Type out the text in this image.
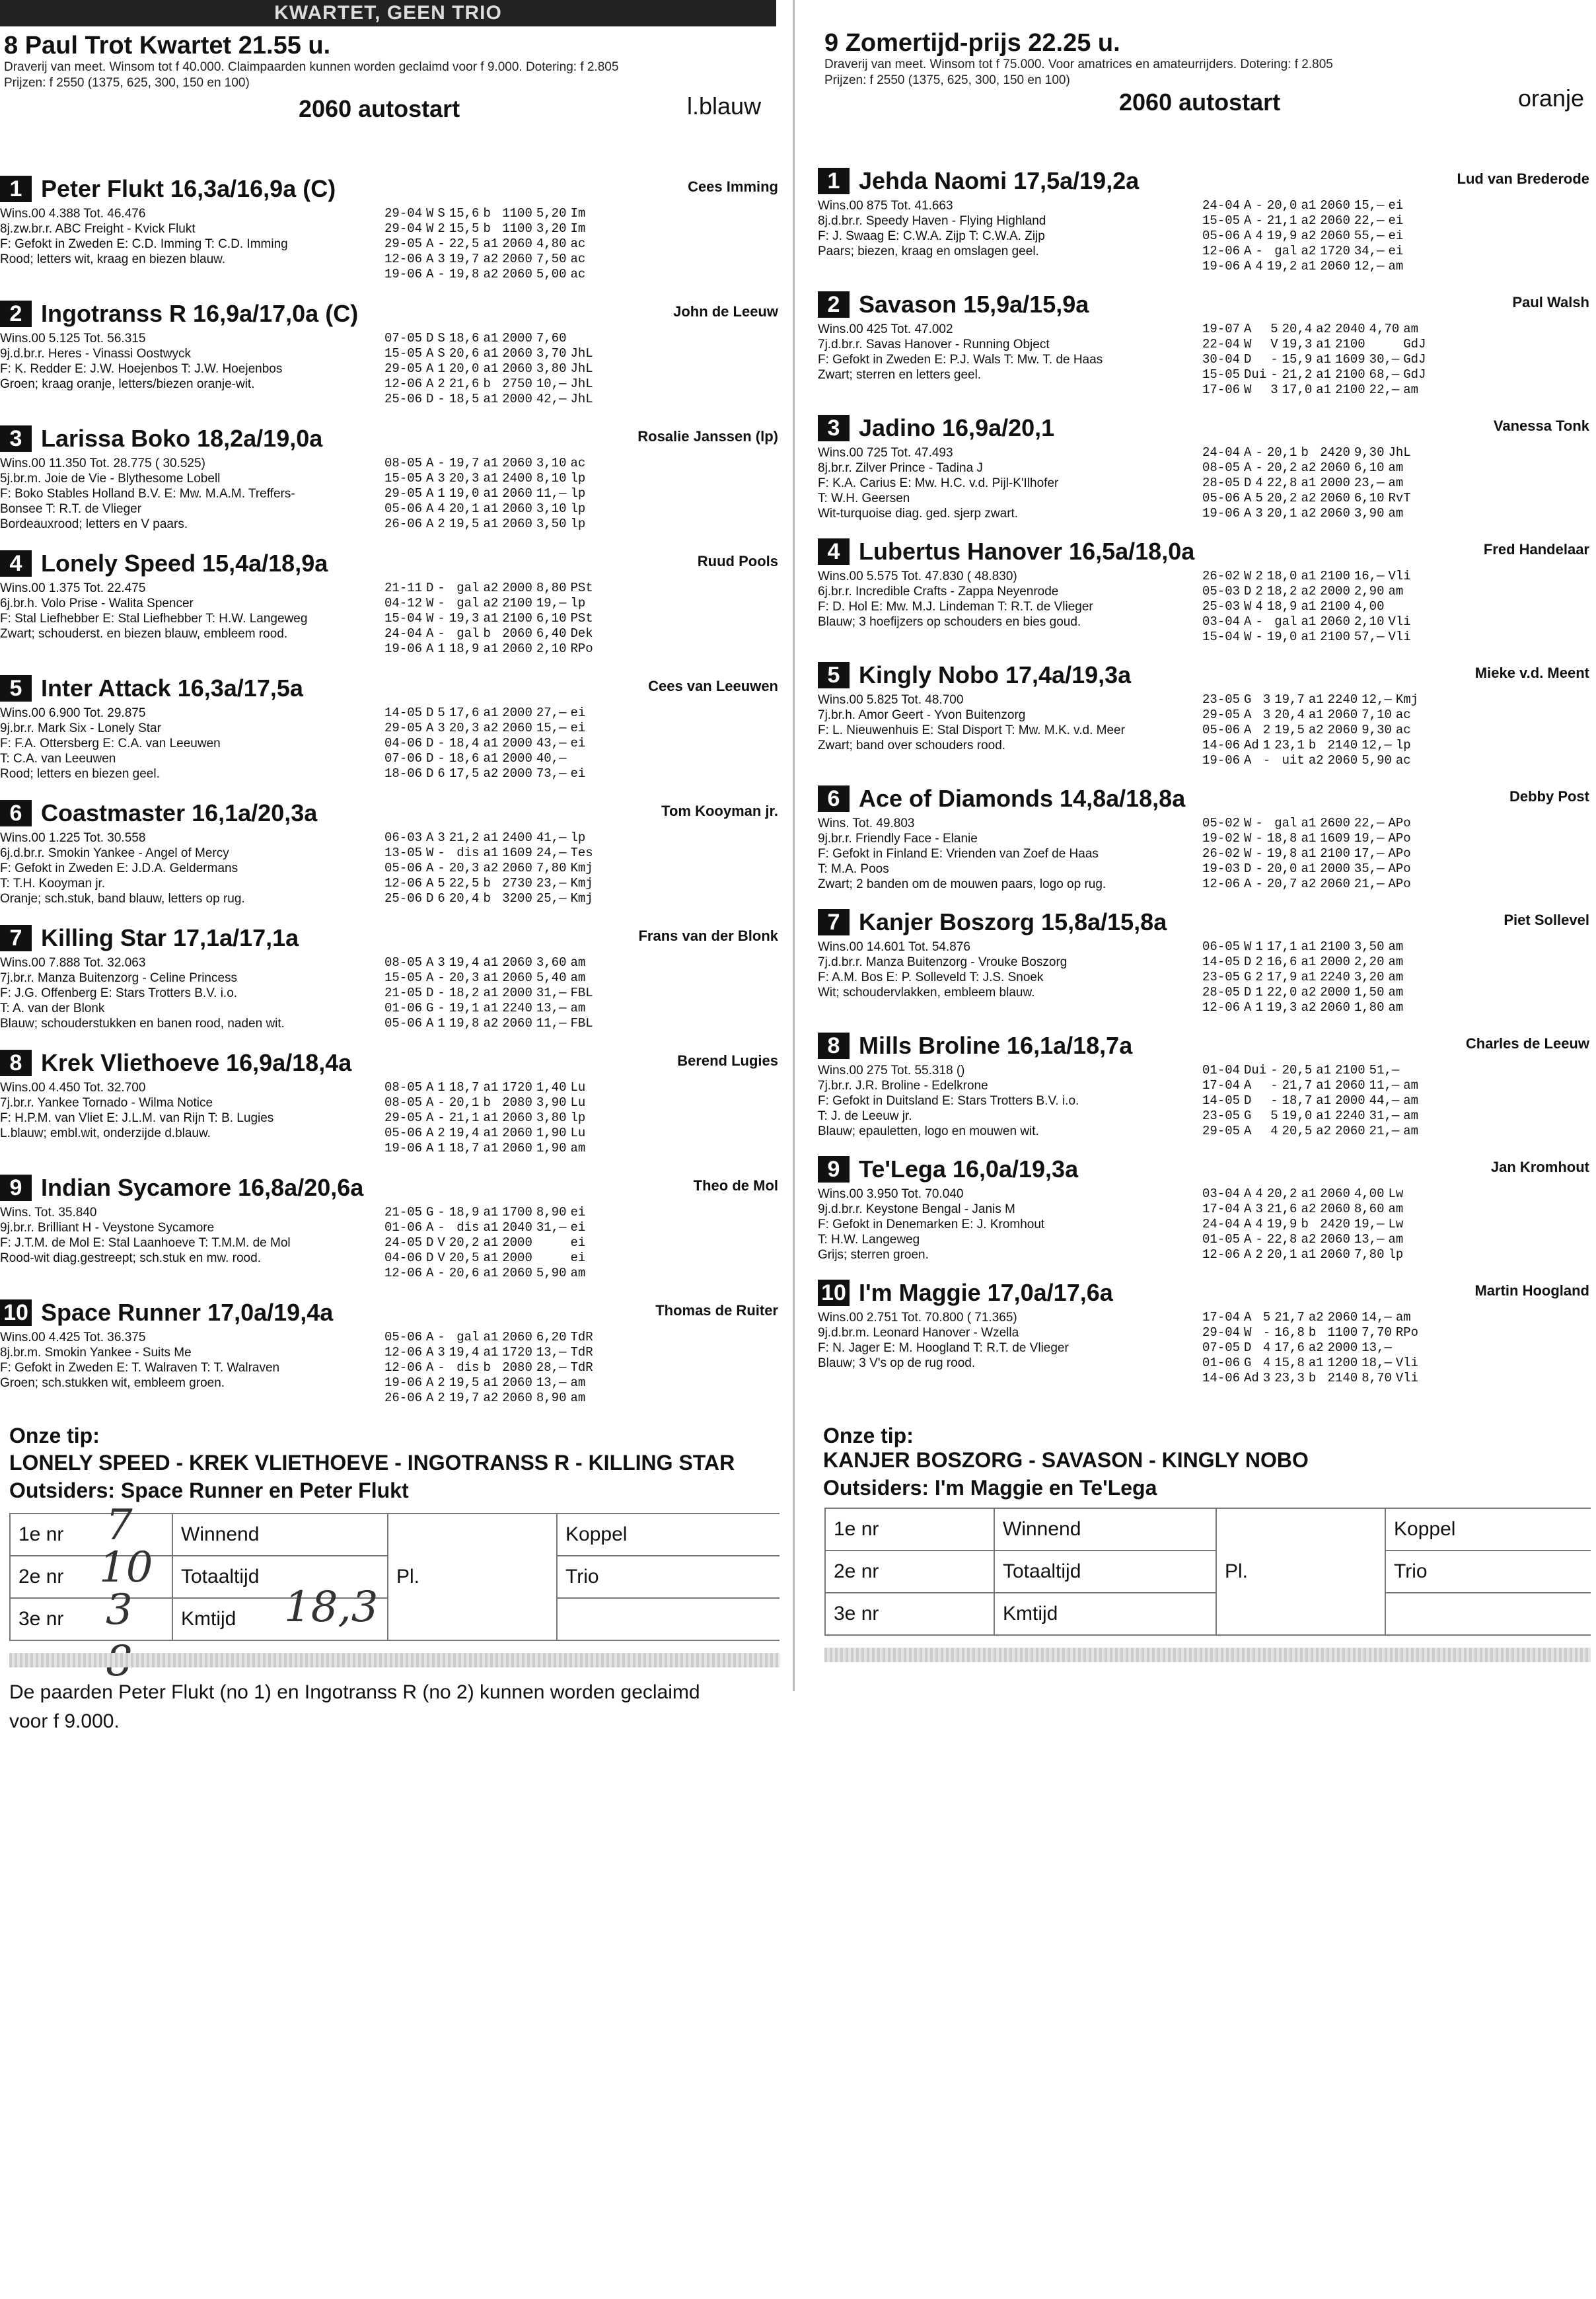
KWARTET, GEEN TRIO
8 Paul Trot Kwartet 21.55 u.
Draverij van meet. Winsom tot f 40.000. Claimpaarden kunnen worden geclaimd voor f 9.000. Dotering: f 2.805
Prijzen: f 2550 (1375, 625, 300, 150 en 100)
2060 autostart	l.blauw
1 Peter Flukt 16,3a/16,9a (C)	Cees Imming
Wins.00 4.388 Tot. 46.476
8j.zw.br.r. ABC Freight - Kvick Flukt
F: Gefokt in Zweden E: C.D. Imming T: C.D. Imming
Rood; letters wit, kraag en biezen blauw.
29-04	W	S	15,6	b	1100	5,20	Im
29-04	W	2	15,5	b	1100	3,20	Im
29-05	A	-	22,5	a1	2060	4,80	ac
12-06	A	3	19,7	a2	2060	7,50	ac
19-06	A	-	19,8	a2	2060	5,00	ac
2 Ingotranss R 16,9a/17,0a (C)	John de Leeuw
Wins.00 5.125 Tot. 56.315
9j.d.br.r. Heres - Vinassi Oostwyck
F: K. Redder E: J.W. Hoejenbos T: J.W. Hoejenbos
Groen; kraag oranje, letters/biezen oranje-wit.
07-05	D	S	18,6	a1	2000	7,60	
15-05	A	S	20,6	a1	2060	3,70	JhL
29-05	A	1	20,0	a1	2060	3,80	JhL
12-06	A	2	21,6	b	2750	10,—	JhL
25-06	D	-	18,5	a1	2000	42,—	JhL
3 Larissa Boko 18,2a/19,0a	Rosalie Janssen (lp)
Wins.00 11.350 Tot. 28.775 ( 30.525)
5j.br.m. Joie de Vie - Blythesome Lobell
F: Boko Stables Holland B.V. E: Mw. M.A.M. Treffers-
Bonsee T: R.T. de Vlieger
Bordeauxrood; letters en V paars.
08-05	A	-	19,7	a1	2060	3,10	ac
15-05	A	3	20,3	a1	2400	8,10	lp
29-05	A	1	19,0	a1	2060	11,—	lp
05-06	A	4	20,1	a1	2060	3,10	lp
26-06	A	2	19,5	a1	2060	3,50	lp
4 Lonely Speed 15,4a/18,9a	Ruud Pools
Wins.00 1.375 Tot. 22.475
6j.br.h. Volo Prise - Walita Spencer
F: Stal Liefhebber E: Stal Liefhebber T: H.W. Langeweg
Zwart; schouderst. en biezen blauw, embleem rood.
21-11	D	-	gal	a2	2000	8,80	PSt
04-12	W	-	gal	a2	2100	19,—	lp
15-04	W	-	19,3	a1	2100	6,10	PSt
24-04	A	-	gal	b	2060	6,40	Dek
19-06	A	1	18,9	a1	2060	2,10	RPo
5 Inter Attack 16,3a/17,5a	Cees van Leeuwen
Wins.00 6.900 Tot. 29.875
9j.br.r. Mark Six - Lonely Star
F: F.A. Ottersberg E: C.A. van Leeuwen
T: C.A. van Leeuwen
Rood; letters en biezen geel.
14-05	D	5	17,6	a1	2000	27,—	ei
29-05	A	3	20,3	a2	2060	15,—	ei
04-06	D	-	18,4	a1	2000	43,—	ei
07-06	D	-	18,6	a1	2000	40,—	
18-06	D	6	17,5	a2	2000	73,—	ei
6 Coastmaster 16,1a/20,3a	Tom Kooyman jr.
Wins.00 1.225 Tot. 30.558
6j.d.br.r. Smokin Yankee - Angel of Mercy
F: Gefokt in Zweden E: J.D.A. Geldermans
T: T.H. Kooyman jr.
Oranje; sch.stuk, band blauw, letters op rug.
06-03	A	3	21,2	a1	2400	41,—	lp
13-05	W	-	dis	a1	1609	24,—	Tes
05-06	A	-	20,3	a2	2060	7,80	Kmj
12-06	A	5	22,5	b	2730	23,—	Kmj
25-06	D	6	20,4	b	3200	25,—	Kmj
7 Killing Star 17,1a/17,1a	Frans van der Blonk
Wins.00 7.888 Tot. 32.063
7j.br.r. Manza Buitenzorg - Celine Princess
F: J.G. Offenberg E: Stars Trotters B.V. i.o.
T: A. van der Blonk
Blauw; schouderstukken en banen rood, naden wit.
08-05	A	3	19,4	a1	2060	3,60	am
15-05	A	-	20,3	a1	2060	5,40	am
21-05	D	-	18,2	a1	2000	31,—	FBL
01-06	G	-	19,1	a1	2240	13,—	am
05-06	A	1	19,8	a2	2060	11,—	FBL
8 Krek Vliethoeve 16,9a/18,4a	Berend Lugies
Wins.00 4.450 Tot. 32.700
7j.br.r. Yankee Tornado - Wilma Notice
F: H.P.M. van Vliet E: J.L.M. van Rijn T: B. Lugies
L.blauw; embl.wit, onderzijde d.blauw.
08-05	A	1	18,7	a1	1720	1,40	Lu
08-05	A	-	20,1	b	2080	3,90	Lu
29-05	A	-	21,1	a1	2060	3,80	lp
05-06	A	2	19,4	a1	2060	1,90	Lu
19-06	A	1	18,7	a1	2060	1,90	am
9 Indian Sycamore 16,8a/20,6a	Theo de Mol
Wins. Tot. 35.840
9j.br.r. Brilliant H - Veystone Sycamore
F: J.T.M. de Mol E: Stal Laanhoeve T: T.M.M. de Mol
Rood-wit diag.gestreept; sch.stuk en mw. rood.
21-05	G	-	18,9	a1	1700	8,90	ei
01-06	A	-	dis	a1	2040	31,—	ei
24-05	D	V	20,2	a1	2000		ei
04-06	D	V	20,5	a1	2000		ei
12-06	A	-	20,6	a1	2060	5,90	am
10 Space Runner 17,0a/19,4a	Thomas de Ruiter
Wins.00 4.425 Tot. 36.375
8j.br.m. Smokin Yankee - Suits Me
F: Gefokt in Zweden E: T. Walraven T: T. Walraven
Groen; sch.stukken wit, embleem groen.
05-06	A	-	gal	a1	2060	6,20	TdR
12-06	A	3	19,4	a1	1720	13,—	TdR
12-06	A	-	dis	b	2080	28,—	TdR
19-06	A	2	19,5	a1	2060	13,—	am
26-06	A	2	19,7	a2	2060	8,90	am
Onze tip:
LONELY SPEED - KREK VLIETHOEVE - INGOTRANSS R - KILLING STAR
Outsiders: Space Runner en Peter Flukt
1e nr	Winnend	Pl.	Koppel
2e nr	Totaaltijd		Trio
3e nr	Kmtijd		
7
10
3	18,3
De paarden Peter Flukt (no 1) en Ingotranss R (no 2) kunnen worden geclaimd voor f 9.000.
9 Zomertijd-prijs 22.25 u.
Draverij van meet. Winsom tot f 75.000. Voor amatrices en amateurrijders. Dotering: f 2.805
Prijzen: f 2550 (1375, 625, 300, 150 en 100)
2060 autostart	oranje
1 Jehda Naomi 17,5a/19,2a	Lud van Brederode
Wins.00 875 Tot. 41.663
8j.d.br.r. Speedy Haven - Flying Highland
F: J. Swaag E: C.W.A. Zijp T: C.W.A. Zijp
Paars; biezen, kraag en omslagen geel.
24-04	A	-	20,0	a1	2060	15,—	ei
15-05	A	-	21,1	a2	2060	22,—	ei
05-06	A	4	19,9	a2	2060	55,—	ei
12-06	A	-	gal	a2	1720	34,—	ei
19-06	A	4	19,2	a1	2060	12,—	am
2 Savason 15,9a/15,9a	Paul Walsh
Wins.00 425 Tot. 47.002
7j.d.br.r. Savas Hanover - Running Object
F: Gefokt in Zweden E: P.J. Wals T: Mw. T. de Haas
Zwart; sterren en letters geel.
19-07	A	5	20,4	a2	2040	4,70	am
22-04	W	V	19,3	a1	2100		GdJ
30-04	D	-	15,9	a1	1609	30,—	GdJ
15-05	Dui	-	21,2	a1	2100	68,—	GdJ
17-06	W	3	17,0	a1	2100	22,—	am
3 Jadino 16,9a/20,1	Vanessa Tonk
Wins.00 725 Tot. 47.493
8j.br.r. Zilver Prince - Tadina J
F: K.A. Carius E: Mw. H.C. v.d. Pijl-K'Ilhofer
T: W.H. Geersen
Wit-turquoise diag. ged. sjerp zwart.
24-04	A	-	20,1	b	2420	9,30	JhL
08-05	A	-	20,2	a2	2060	6,10	am
28-05	D	4	22,8	a1	2000	23,—	am
05-06	A	5	20,2	a2	2060	6,10	RvT
19-06	A	3	20,1	a2	2060	3,90	am
4 Lubertus Hanover 16,5a/18,0a	Fred Handelaar
Wins.00 5.575 Tot. 47.830 ( 48.830)
6j.br.r. Incredible Crafts - Zappa Neyenrode
F: D. Hol E: Mw. M.J. Lindeman T: R.T. de Vlieger
Blauw; 3 hoefijzers op schouders en bies goud.
26-02	W	2	18,0	a1	2100	16,—	Vli
05-03	D	2	18,2	a2	2000	2,90	am
25-03	W	4	18,9	a1	2100	4,00	
03-04	A	-	gal	a1	2060	2,10	Vli
15-04	W	-	19,0	a1	2100	57,—	Vli
5 Kingly Nobo 17,4a/19,3a	Mieke v.d. Meent
Wins.00 5.825 Tot. 48.700
7j.br.h. Amor Geert - Yvon Buitenzorg
F: L. Nieuwenhuis E: Stal Disport T: Mw. M.K. v.d. Meer
Zwart; band over schouders rood.
23-05	G	3	19,7	a1	2240	12,—	Kmj
29-05	A	3	20,4	a1	2060	7,10	ac
05-06	A	2	19,5	a2	2060	9,30	ac
14-06	Ad	1	23,1	b	2140	12,—	lp
19-06	A	-	uit	a2	2060	5,90	ac
6 Ace of Diamonds 14,8a/18,8a	Debby Post
Wins. Tot. 49.803
9j.br.r. Friendly Face - Elanie
F: Gefokt in Finland E: Vrienden van Zoef de Haas
T: M.A. Poos
Zwart; 2 banden om de mouwen paars, logo op rug.
05-02	W	-	gal	a1	2600	22,—	APo
19-02	W	-	18,8	a1	1609	19,—	APo
26-02	W	-	19,8	a1	2100	17,—	APo
19-03	D	-	20,0	a1	2000	35,—	APo
12-06	A	-	20,7	a2	2060	21,—	APo
7 Kanjer Boszorg 15,8a/15,8a	Piet Sollevel
Wins.00 14.601 Tot. 54.876
7j.d.br.r. Manza Buitenzorg - Vrouke Boszorg
F: A.M. Bos E: P. Solleveld T: J.S. Snoek
Wit; schoudervlakken, embleem blauw.
06-05	W	1	17,1	a1	2100	3,50	am
14-05	D	2	16,6	a1	2000	2,20	am
23-05	G	2	17,9	a1	2240	3,20	am
28-05	D	1	22,0	a2	2000	1,50	am
12-06	A	1	19,3	a2	2060	1,80	am
8 Mills Broline 16,1a/18,7a	Charles de Leeuw
Wins.00 275 Tot. 55.318 ()
7j.br.r. J.R. Broline - Edelkrone
F: Gefokt in Duitsland E: Stars Trotters B.V. i.o.
T: J. de Leeuw jr.
Blauw; epauletten, logo en mouwen wit.
01-04	Dui	-	20,5	a1	2100	51,—	
17-04	A	-	21,7	a1	2060	11,—	am
14-05	D	-	18,7	a1	2000	44,—	am
23-05	G	5	19,0	a1	2240	31,—	am
29-05	A	4	20,5	a2	2060	21,—	am
9 Te'Lega 16,0a/19,3a	Jan Kromhout
Wins.00 3.950 Tot. 70.040
9j.d.br.r. Keystone Bengal - Janis M
F: Gefokt in Denemarken E: J. Kromhout
T: H.W. Langeweg
Grijs; sterren groen.
03-04	A	4	20,2	a1	2060	4,00	Lw
17-04	A	3	21,6	a2	2060	8,60	am
24-04	A	4	19,9	b	2420	19,—	Lw
01-05	A	-	22,8	a2	2060	13,—	am
12-06	A	2	20,1	a1	2060	7,80	lp
10 I'm Maggie 17,0a/17,6a	Martin Hoogland
Wins.00 2.751 Tot. 70.800 ( 71.365)
9j.d.br.m. Leonard Hanover - Wzella
F: N. Jager E: M. Hoogland T: R.T. de Vlieger
Blauw; 3 V's op de rug rood.
17-04	A	5	21,7	a2	2060	14,—	am
29-04	W	-	16,8	b	1100	7,70	RPo
07-05	D	4	17,6	a2	2000	13,—	
01-06	G	4	15,8	a1	1200	18,—	Vli
14-06	Ad	3	23,3	b	2140	8,70	Vli
Onze tip:
KANJER BOSZORG - SAVASON - KINGLY NOBO
Outsiders: I'm Maggie en Te'Lega
1e nr	Winnend	Pl.	Koppel
2e nr	Totaaltijd		Trio
3e nr	Kmtijd		
